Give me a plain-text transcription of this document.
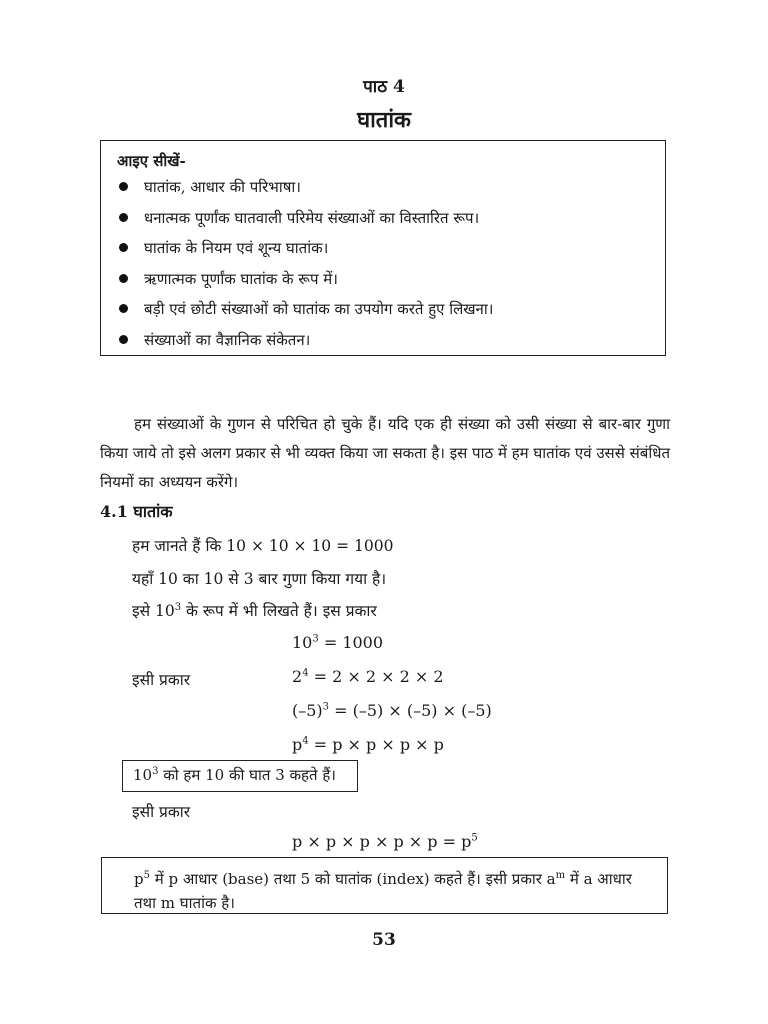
पाठ 4
घातांक
आइए सीखें-
घातांक, आधार की परिभाषा।
धनात्मक पूर्णांक घातवाली परिमेय संख्याओं का विस्तारित रूप।
घातांक के नियम एवं शून्य घातांक।
ऋणात्मक पूर्णांक घातांक के रूप में।
बड़ी एवं छोटी संख्याओं को घातांक का उपयोग करते हुए लिखना।
संख्याओं का वैज्ञानिक संकेतन।
हम संख्याओं के गुणन से परिचित हो चुके हैं। यदि एक ही संख्या को उसी संख्या से बार-बार गुणा किया जाये तो इसे अलग प्रकार से भी व्यक्त किया जा सकता है। इस पाठ में हम घातांक एवं उससे संबंधित नियमों का अध्ययन करेंगे।
4.1 घातांक
हम जानते हैं कि 10 × 10 × 10 = 1000
यहाँ 10 का 10 से 3 बार गुणा किया गया है।
इसे $10^3$ के रूप में भी लिखते हैं। इस प्रकार
$10^3 = 1000$
इसी प्रकार	$2^4 = 2 \times 2 \times 2 \times 2$
$(-5)^3 = (-5) \times (-5) \times (-5)$
$p^4 = p \times p \times p \times p$
$10^3$ को हम 10 की घात 3 कहते हैं।
इसी प्रकार
$p \times p \times p \times p \times p = p^5$
$p^5$ में p आधार (base) तथा 5 को घातांक (index) कहते हैं। इसी प्रकार $a^m$ में a आधार तथा m घातांक है।
53
